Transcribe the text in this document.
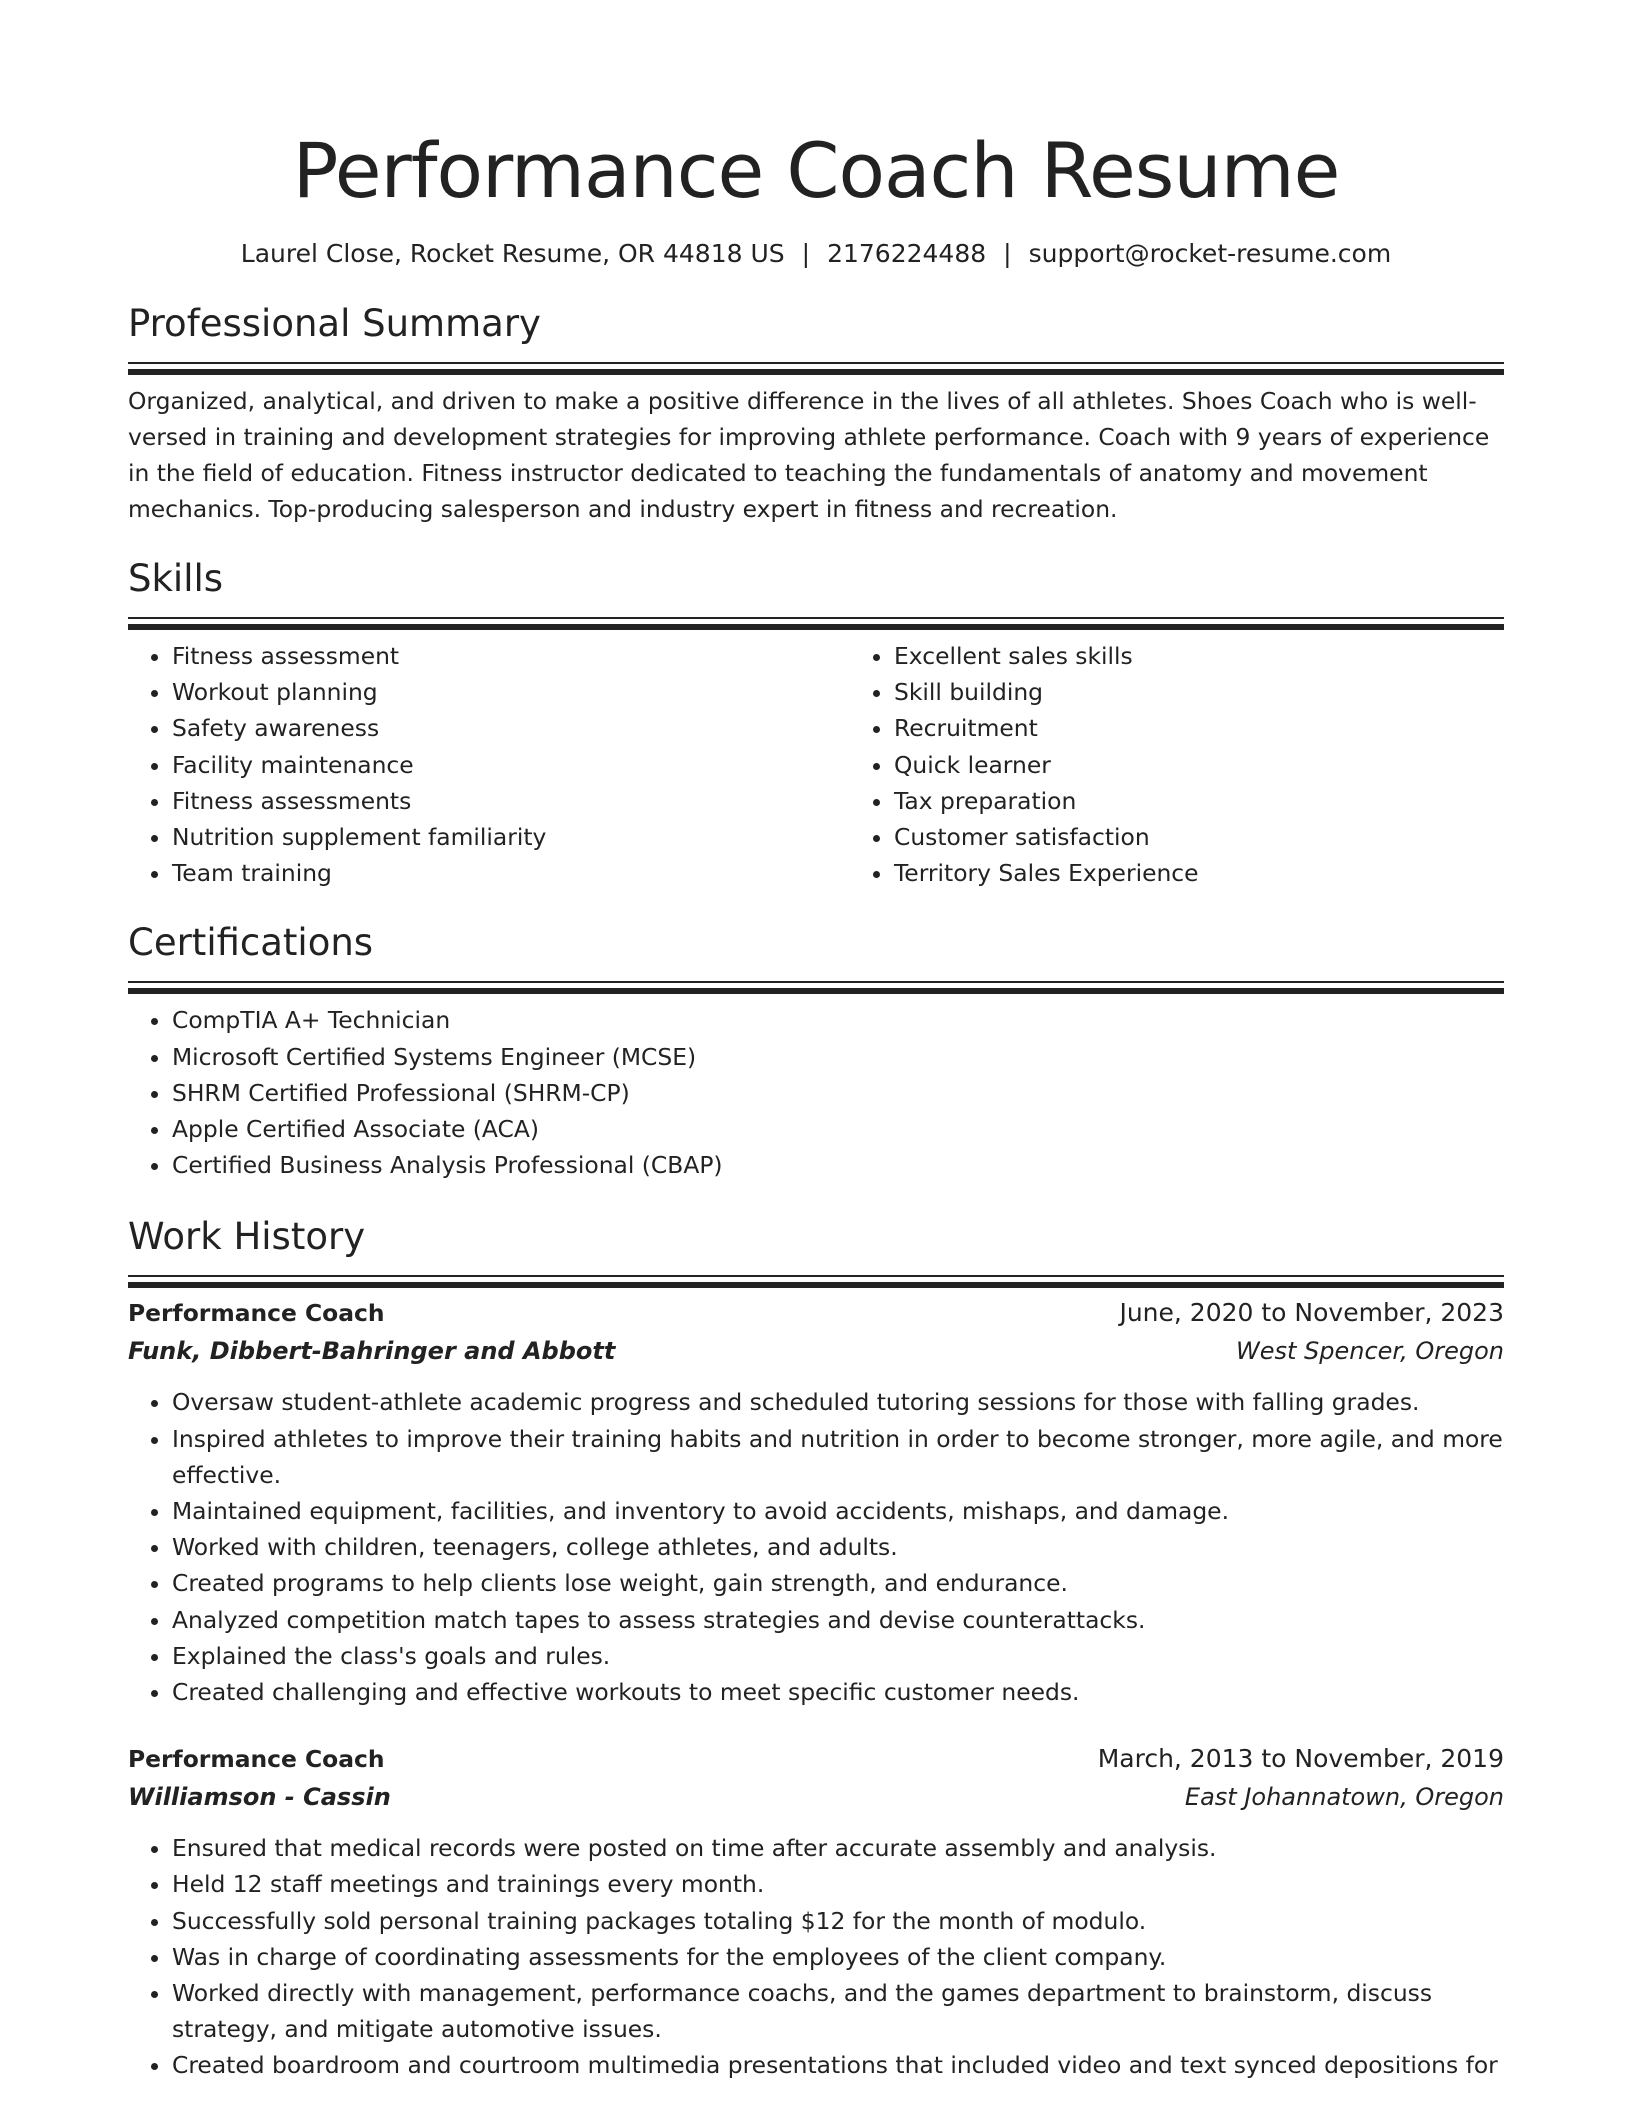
Performance Coach Resume
Laurel Close, Rocket Resume, OR 44818 US | 2176224488 | support@rocket-resume.com
Professional Summary

Organized, analytical, and driven to make a positive difference in the lives of all athletes. Shoes Coach who is well-versed in training and development strategies for improving athlete performance. Coach with 9 years of experience in the field of education. Fitness instructor dedicated to teaching the fundamentals of anatomy and movement mechanics. Top-producing salesperson and industry expert in fitness and recreation.

Skills
• Fitness assessment
• Workout planning
• Safety awareness
• Facility maintenance
• Fitness assessments
• Nutrition supplement familiarity
• Team training
• Excellent sales skills
• Skill building
• Recruitment
• Quick learner
• Tax preparation
• Customer satisfaction
• Territory Sales Experience
Certifications
• CompTIA A+ Technician
• Microsoft Certified Systems Engineer (MCSE)
• SHRM Certified Professional (SHRM-CP)
• Apple Certified Associate (ACA)
• Certified Business Analysis Professional (CBAP)
Work History
Performance Coach	June, 2020 to November, 2023
Funk, Dibbert-Bahringer and Abbott	West Spencer, Oregon
• Oversaw student-athlete academic progress and scheduled tutoring sessions for those with falling grades.
• Inspired athletes to improve their training habits and nutrition in order to become stronger, more agile, and more effective.
• Maintained equipment, facilities, and inventory to avoid accidents, mishaps, and damage.
• Worked with children, teenagers, college athletes, and adults.
• Created programs to help clients lose weight, gain strength, and endurance.
• Analyzed competition match tapes to assess strategies and devise counterattacks.
• Explained the class's goals and rules.
• Created challenging and effective workouts to meet specific customer needs.
Performance Coach	March, 2013 to November, 2019
Williamson - Cassin	East Johannatown, Oregon
• Ensured that medical records were posted on time after accurate assembly and analysis.
• Held 12 staff meetings and trainings every month.
• Successfully sold personal training packages totaling $12 for the month of modulo.
• Was in charge of coordinating assessments for the employees of the client company.
• Worked directly with management, performance coachs, and the games department to brainstorm, discuss strategy, and mitigate automotive issues.
• Created boardroom and courtroom multimedia presentations that included video and text synced depositions for
